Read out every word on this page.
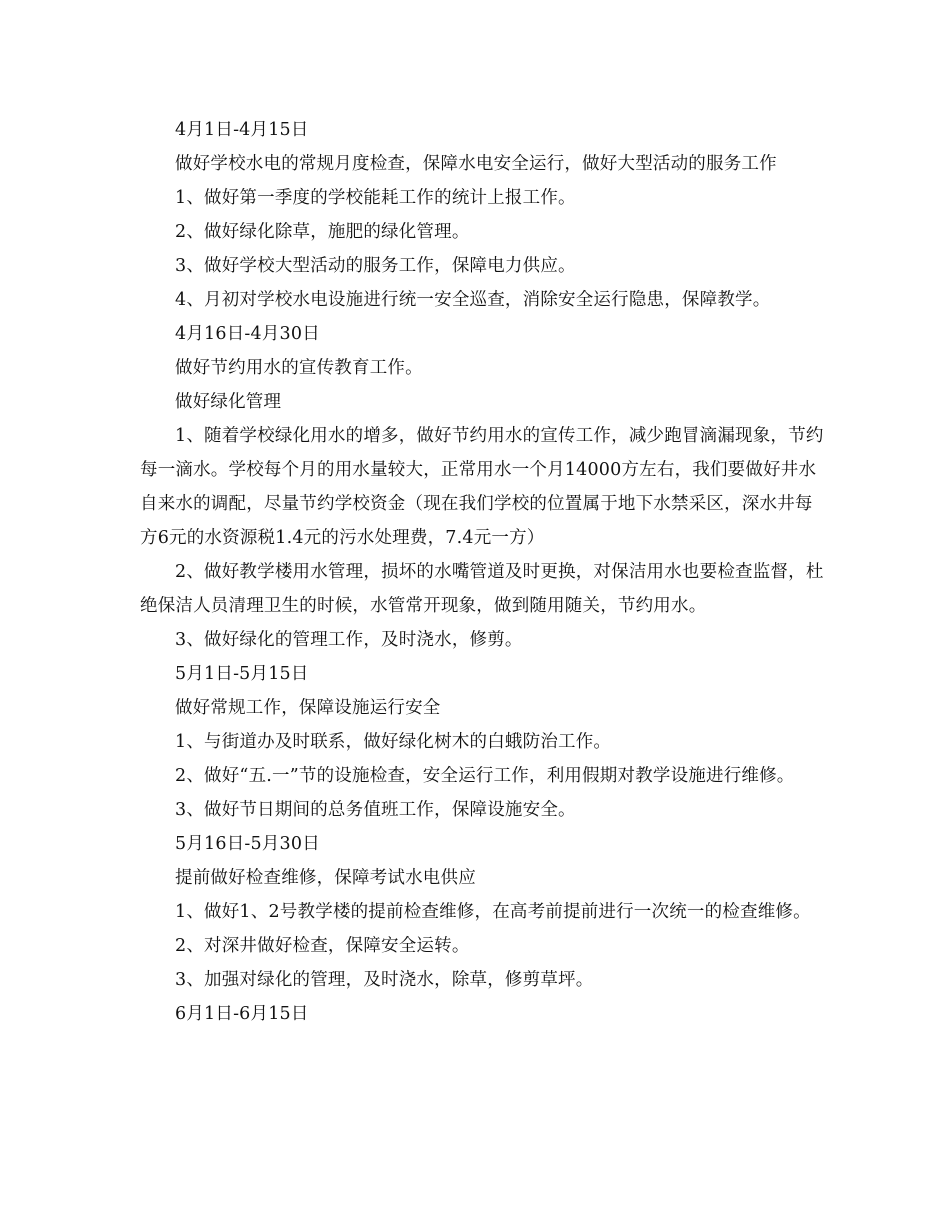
4月1日-4月15日

做好学校水电的常规月度检查，保障水电安全运行，做好大型活动的服务工作

1、做好第一季度的学校能耗工作的统计上报工作。

2、做好绿化除草，施肥的绿化管理。

3、做好学校大型活动的服务工作，保障电力供应。

4、月初对学校水电设施进行统一安全巡查，消除安全运行隐患，保障教学。

4月16日-4月30日

做好节约用水的宣传教育工作。

做好绿化管理

1、随着学校绿化用水的增多，做好节约用水的宣传工作，减少跑冒滴漏现象，节约每一滴水。学校每个月的用水量较大，正常用水一个月14000方左右，我们要做好井水自来水的调配，尽量节约学校资金（现在我们学校的位置属于地下水禁采区，深水井每方6元的水资源税1.4元的污水处理费，7.4元一方）

2、做好教学楼用水管理，损坏的水嘴管道及时更换，对保洁用水也要检查监督，杜绝保洁人员清理卫生的时候，水管常开现象，做到随用随关，节约用水。

3、做好绿化的管理工作，及时浇水，修剪。

5月1日-5月15日

做好常规工作，保障设施运行安全

1、与街道办及时联系，做好绿化树木的白蛾防治工作。

2、做好“五.一”节的设施检查，安全运行工作，利用假期对教学设施进行维修。

3、做好节日期间的总务值班工作，保障设施安全。

5月16日-5月30日

提前做好检查维修，保障考试水电供应

1、做好1、2号教学楼的提前检查维修，在高考前提前进行一次统一的检查维修。

2、对深井做好检查，保障安全运转。

3、加强对绿化的管理，及时浇水，除草，修剪草坪。

6月1日-6月15日
